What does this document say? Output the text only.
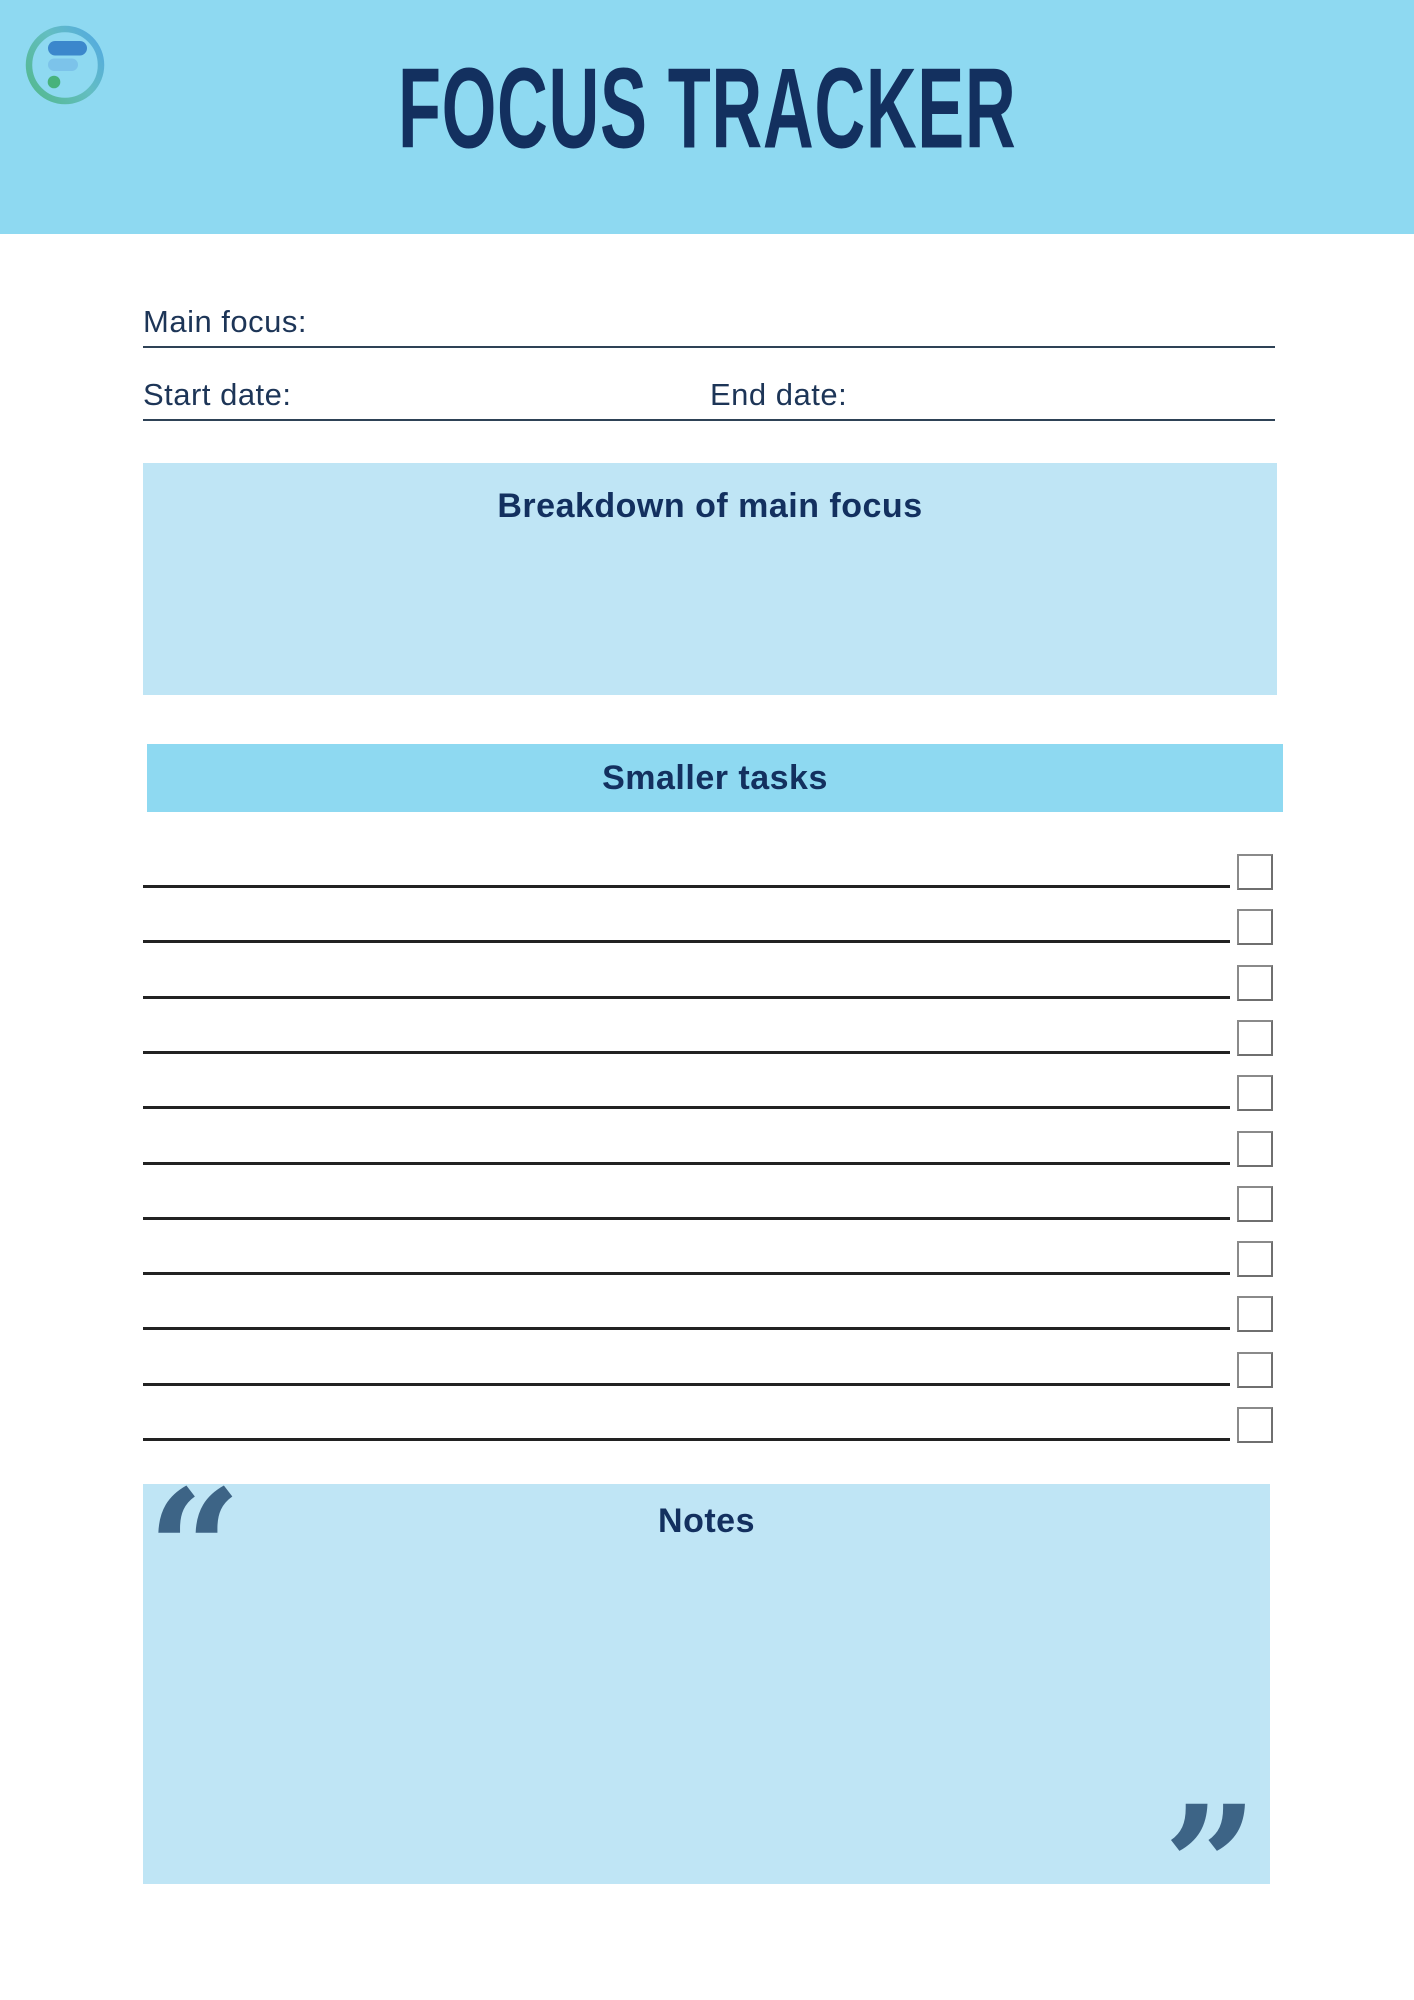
FOCUS TRACKER
Main focus:
Start date:	End date:
Breakdown of main focus
Smaller tasks
“	Notes
”
